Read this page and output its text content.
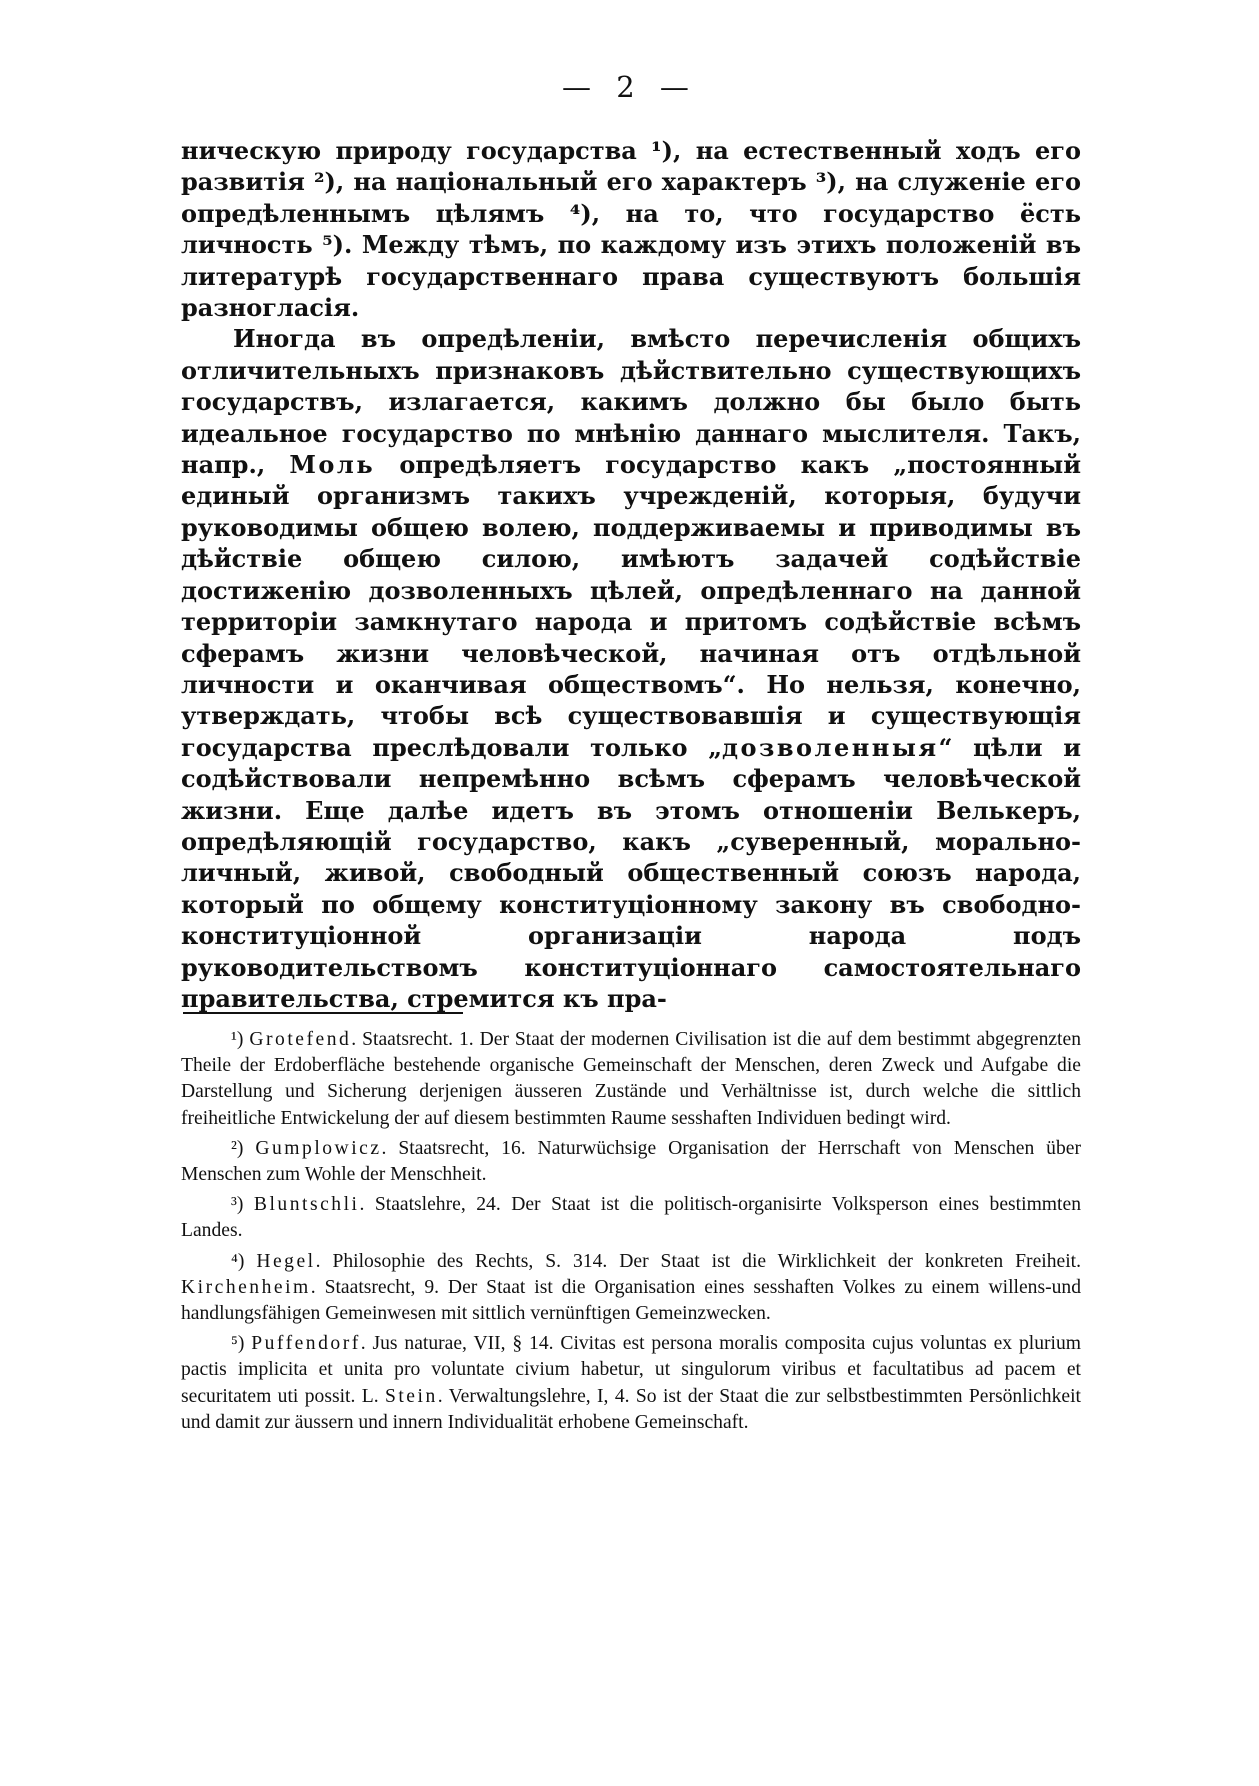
— 2 —

ническую природу государства ¹), на естественный ходъ его развитія ²), на національный его характеръ ³), на служеніе его опредѣленнымъ цѣлямъ ⁴), на то, что государство ёсть личность ⁵). Между тѣмъ, по каждому изъ этихъ положеній въ литературѣ государственнаго права существуютъ большія разногласія.

Иногда въ опредѣленіи, вмѣсто перечисленія общихъ отличительныхъ признаковъ дѣйствительно существующихъ государствъ, излагается, какимъ должно бы было быть идеальное государство по мнѣнію даннаго мыслителя. Такъ, напр., Моль опредѣляетъ государство какъ „постоянный единый организмъ такихъ учрежденій, которыя, будучи руководимы общею волею, поддерживаемы и приводимы въ дѣйствіе общею силою, имѣютъ задачей содѣйствіе достиженію дозволенныхъ цѣлей, опредѣленнаго на данной территоріи замкнутаго народа и притомъ содѣйствіе всѣмъ сферамъ жизни человѣческой, начиная отъ отдѣльной личности и оканчивая обществомъ“. Но нельзя, конечно, утверждать, чтобы всѣ существовавшія и существующія государства преслѣдовали только „дозволенныя“ цѣли и содѣйствовали непремѣнно всѣмъ сферамъ человѣческой жизни. Еще далѣе идетъ въ этомъ отношеніи Велькеръ, опредѣляющій государство, какъ „суверенный, морально-личный, живой, свободный общественный союзъ народа, который по общему конституціонному закону въ свободно-конституціонной организаціи народа подъ руководительствомъ конституціоннаго самостоятельнаго правительства, стремится къ пра-

¹) Grotefend. Staatsrecht. 1. Der Staat der modernen Civilisation ist die auf dem bestimmt abgegrenzten Theile der Erdoberfläche bestehende organische Gemeinschaft der Menschen, deren Zweck und Aufgabe die Darstellung und Sicherung derjenigen äusseren Zustände und Verhältnisse ist, durch welche die sittlich freiheitliche Entwickelung der auf diesem bestimmten Raume sesshaften Individuen bedingt wird.

²) Gumplowicz. Staatsrecht, 16. Naturwüchsige Organisation der Herrschaft von Menschen über Menschen zum Wohle der Menschheit.

³) Bluntschli. Staatslehre, 24. Der Staat ist die politisch-organisirte Volksperson eines bestimmten Landes.

⁴) Hegel. Philosophie des Rechts, S. 314. Der Staat ist die Wirklichkeit der konkreten Freiheit. Kirchenheim. Staatsrecht, 9. Der Staat ist die Organisation eines sesshaften Volkes zu einem willens-und handlungsfähigen Gemeinwesen mit sittlich vernünftigen Gemeinzwecken.

⁵) Puffendorf. Jus naturae, VII, § 14. Civitas est persona moralis composita cujus voluntas ex plurium pactis implicita et unita pro voluntate civium habetur, ut singulorum viribus et facultatibus ad pacem et securitatem uti possit. L. Stein. Verwaltungslehre, I, 4. So ist der Staat die zur selbstbestimmten Persönlichkeit und damit zur äussern und innern Individualität erhobene Gemeinschaft.
